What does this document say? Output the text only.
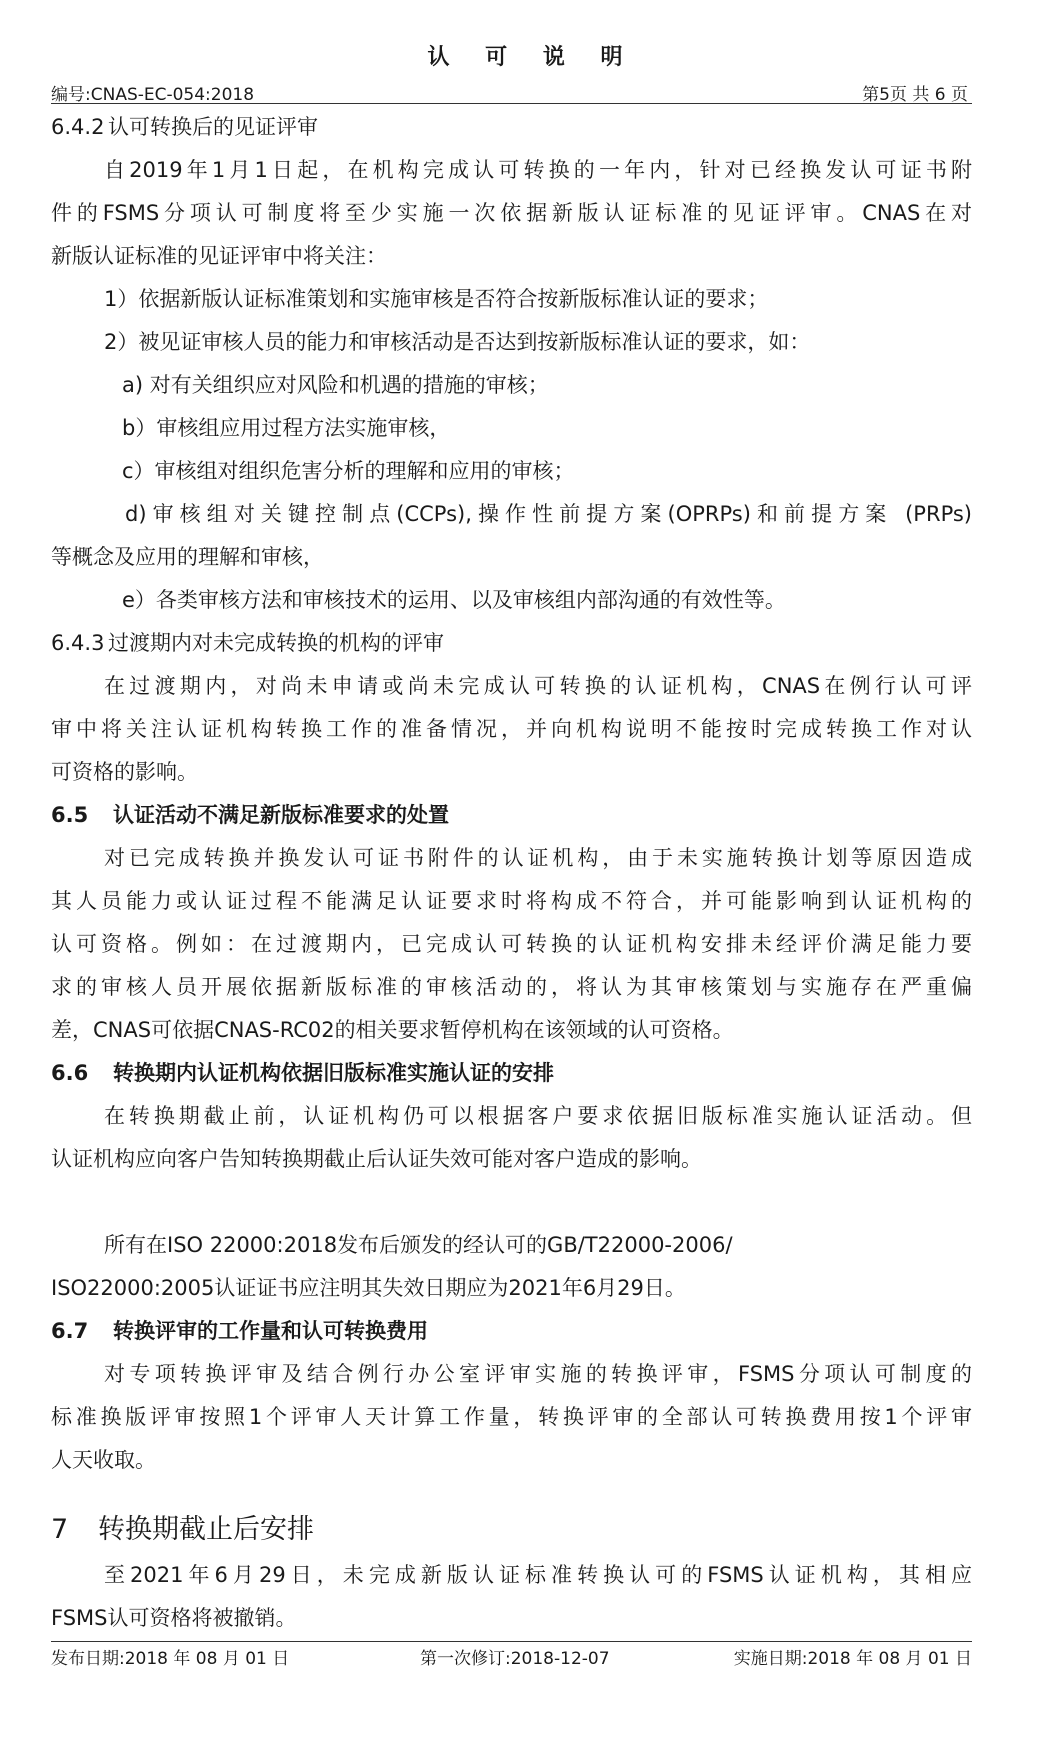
认 可 说 明
编号:CNAS-EC-054:2018	第5页 共 6 页
6.4.2 认可转换后的见证评审
自2019年1月1日起，在机构完成认可转换的一年内，针对已经换发认可证书附
件的FSMS分项认可制度将至少实施一次依据新版认证标准的见证评审。CNAS在对
新版认证标准的见证评审中将关注：
1）依据新版认证标准策划和实施审核是否符合按新版标准认证的要求；
2）被见证审核人员的能力和审核活动是否达到按新版标准认证的要求，如：
a) 对有关组织应对风险和机遇的措施的审核；
b）审核组应用过程方法实施审核，
c）审核组对组织危害分析的理解和应用的审核；
d)审核组对关键控制点(CCPs),操作性前提方案(OPRPs)和前提方案 (PRPs)
等概念及应用的理解和审核，
e）各类审核方法和审核技术的运用、以及审核组内部沟通的有效性等。
6.4.3 过渡期内对未完成转换的机构的评审
在过渡期内，对尚未申请或尚未完成认可转换的认证机构，CNAS在例行认可评
审中将关注认证机构转换工作的准备情况，并向机构说明不能按时完成转换工作对认
可资格的影响。
6.5 认证活动不满足新版标准要求的处置
对已完成转换并换发认可证书附件的认证机构，由于未实施转换计划等原因造成
其人员能力或认证过程不能满足认证要求时将构成不符合，并可能影响到认证机构的
认可资格。例如：在过渡期内，已完成认可转换的认证机构安排未经评价满足能力要
求的审核人员开展依据新版标准的审核活动的，将认为其审核策划与实施存在严重偏
差，CNAS可依据CNAS-RC02的相关要求暂停机构在该领域的认可资格。
6.6 转换期内认证机构依据旧版标准实施认证的安排
在转换期截止前，认证机构仍可以根据客户要求依据旧版标准实施认证活动。但
认证机构应向客户告知转换期截止后认证失效可能对客户造成的影响。
所有在ISO 22000:2018发布后颁发的经认可的GB/T22000-2006/
ISO22000:2005认证证书应注明其失效日期应为2021年6月29日。
6.7 转换评审的工作量和认可转换费用
对专项转换评审及结合例行办公室评审实施的转换评审，FSMS分项认可制度的
标准换版评审按照1个评审人天计算工作量，转换评审的全部认可转换费用按1个评审
人天收取。
7 转换期截止后安排
至2021年6月29日，未完成新版认证标准转换认可的FSMS认证机构，其相应
FSMS认可资格将被撤销。
发布日期:2018 年 08 月 01 日	第一次修订:2018-12-07	实施日期:2018 年 08 月 01 日
